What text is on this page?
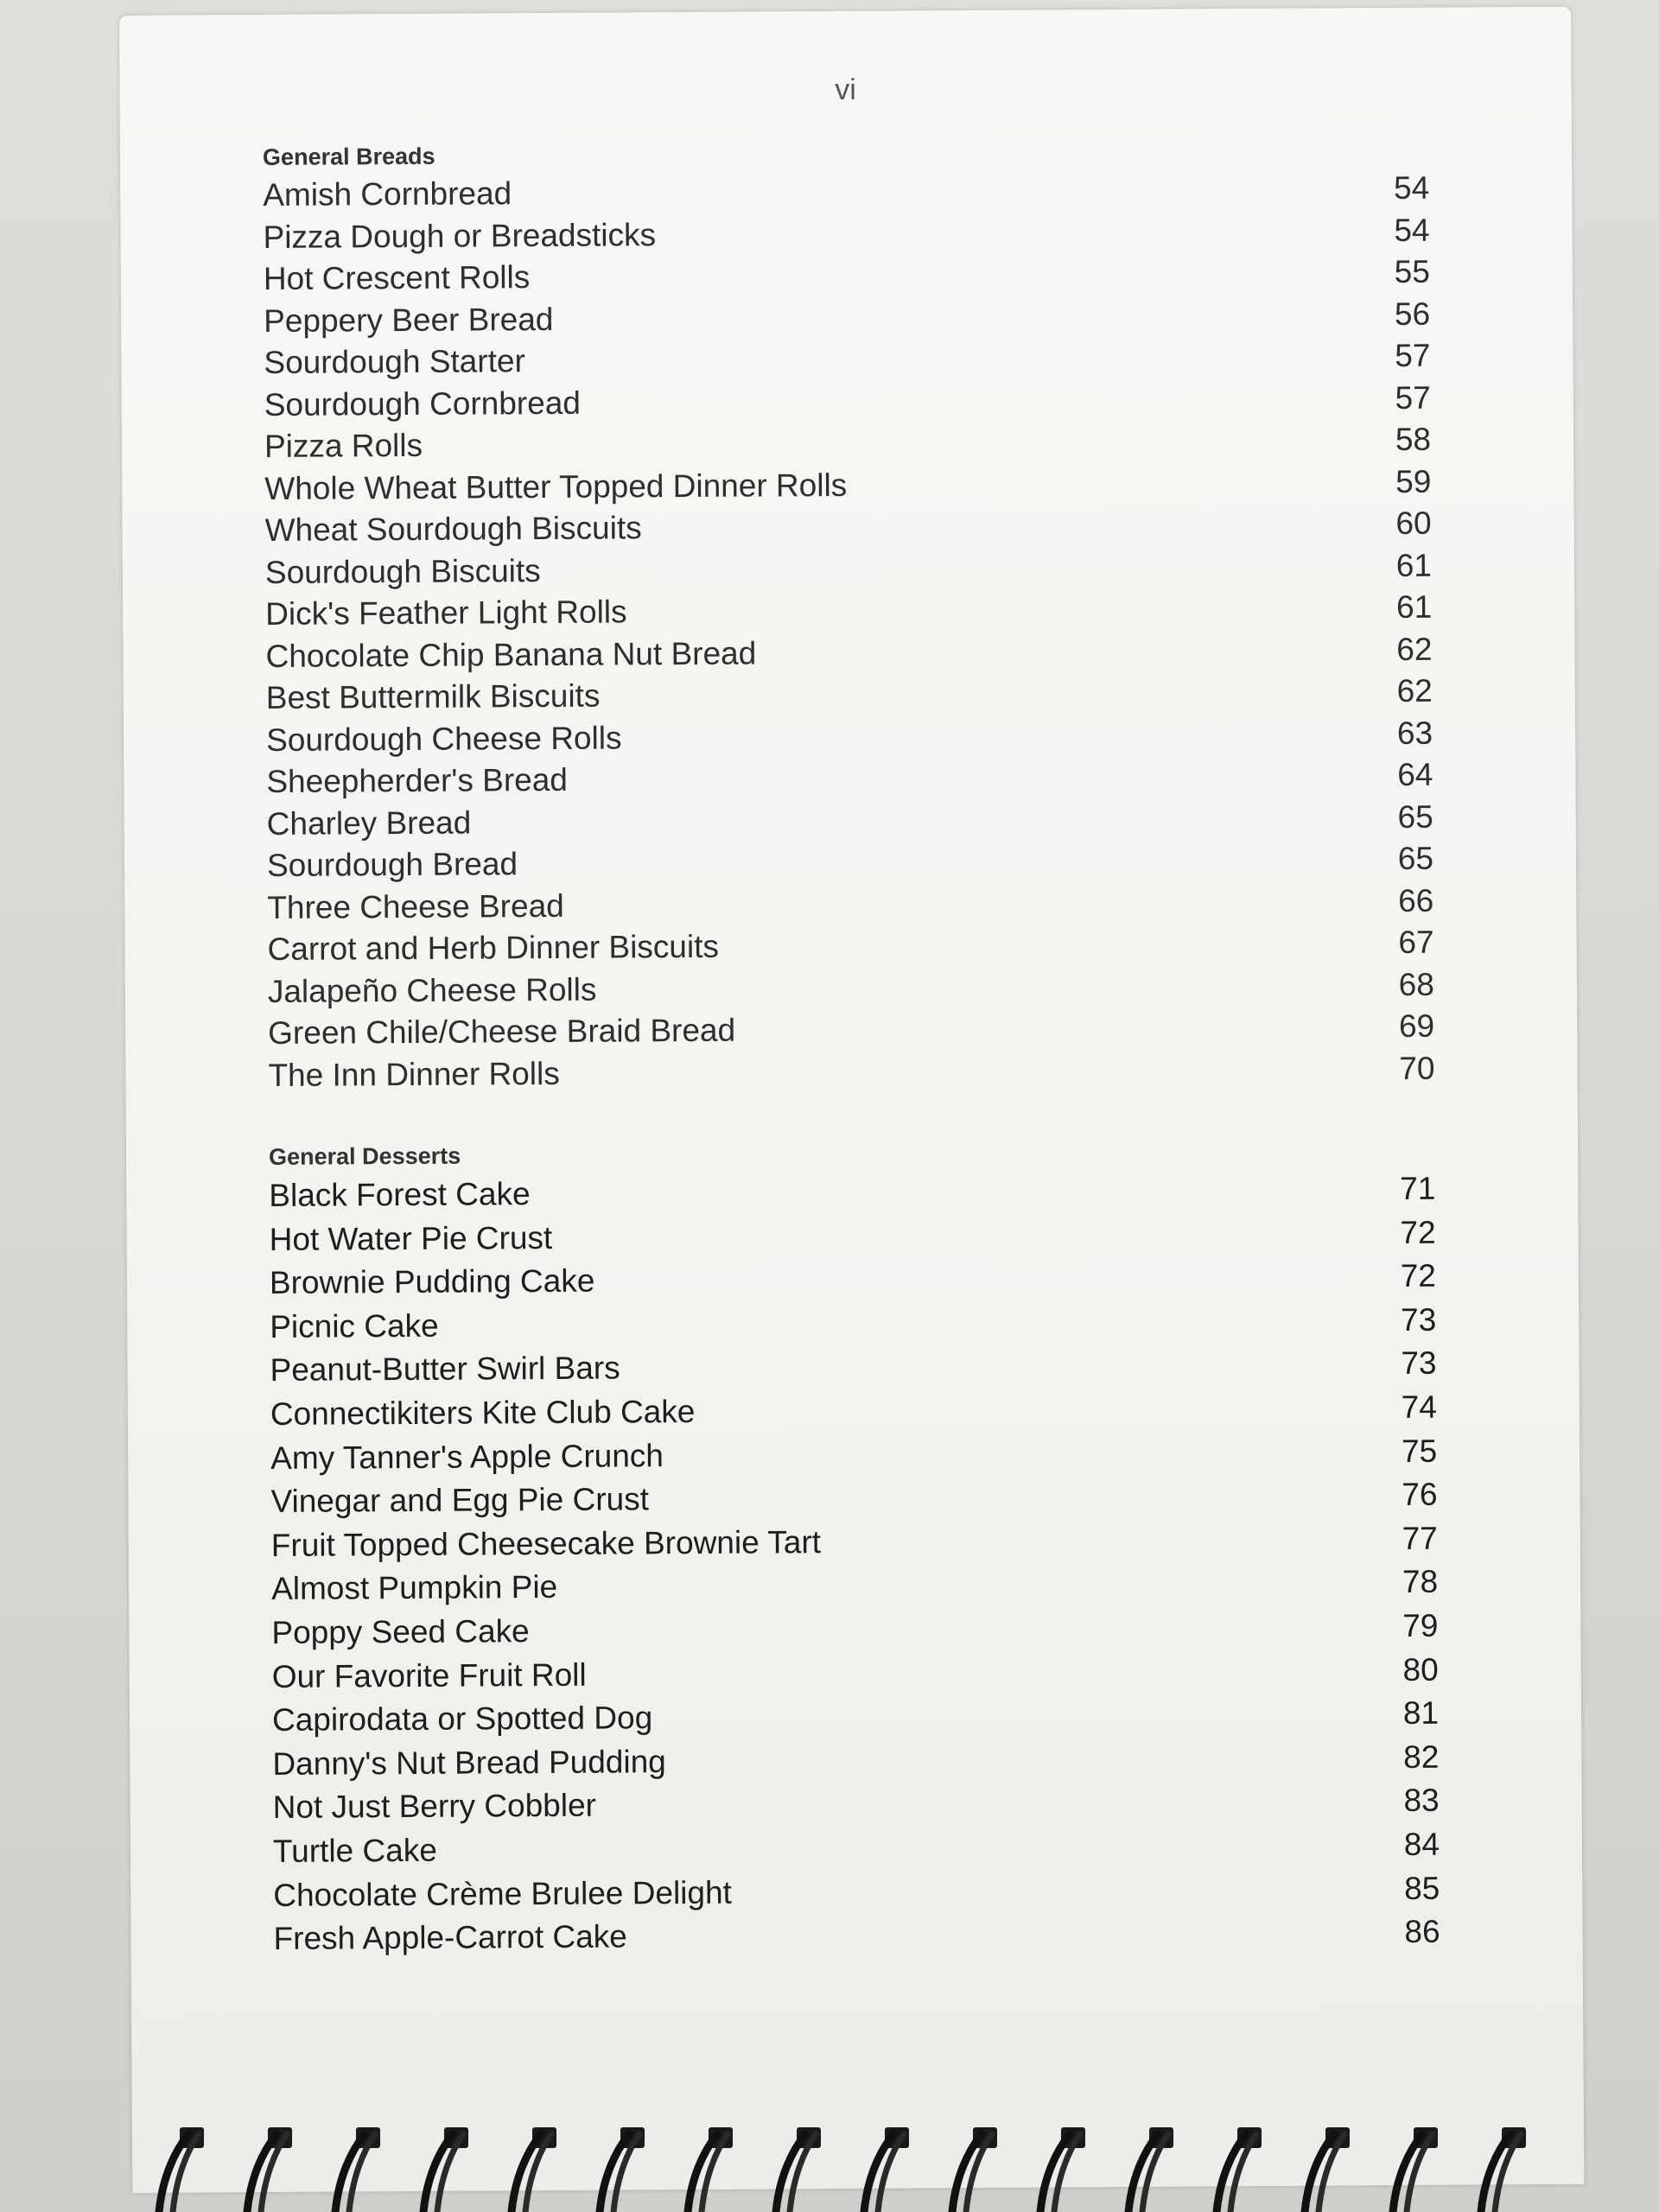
vi
General Breads
Amish Cornbread	54
Pizza Dough or Breadsticks	54
Hot Crescent Rolls	55
Peppery Beer Bread	56
Sourdough Starter	57
Sourdough Cornbread	57
Pizza Rolls	58
Whole Wheat Butter Topped Dinner Rolls	59
Wheat Sourdough Biscuits	60
Sourdough Biscuits	61
Dick's Feather Light Rolls	61
Chocolate Chip Banana Nut Bread	62
Best Buttermilk Biscuits	62
Sourdough Cheese Rolls	63
Sheepherder's Bread	64
Charley Bread	65
Sourdough Bread	65
Three Cheese Bread	66
Carrot and Herb Dinner Biscuits	67
Jalapeño Cheese Rolls	68
Green Chile/Cheese Braid Bread	69
The Inn Dinner Rolls	70
General Desserts
Black Forest Cake	71
Hot Water Pie Crust	72
Brownie Pudding Cake	72
Picnic Cake	73
Peanut-Butter Swirl Bars	73
Connectikiters Kite Club Cake	74
Amy Tanner's Apple Crunch	75
Vinegar and Egg Pie Crust	76
Fruit Topped Cheesecake Brownie Tart	77
Almost Pumpkin Pie	78
Poppy Seed Cake	79
Our Favorite Fruit Roll	80
Capirodata or Spotted Dog	81
Danny's Nut Bread Pudding	82
Not Just Berry Cobbler	83
Turtle Cake	84
Chocolate Crème Brulee Delight	85
Fresh Apple-Carrot Cake	86
